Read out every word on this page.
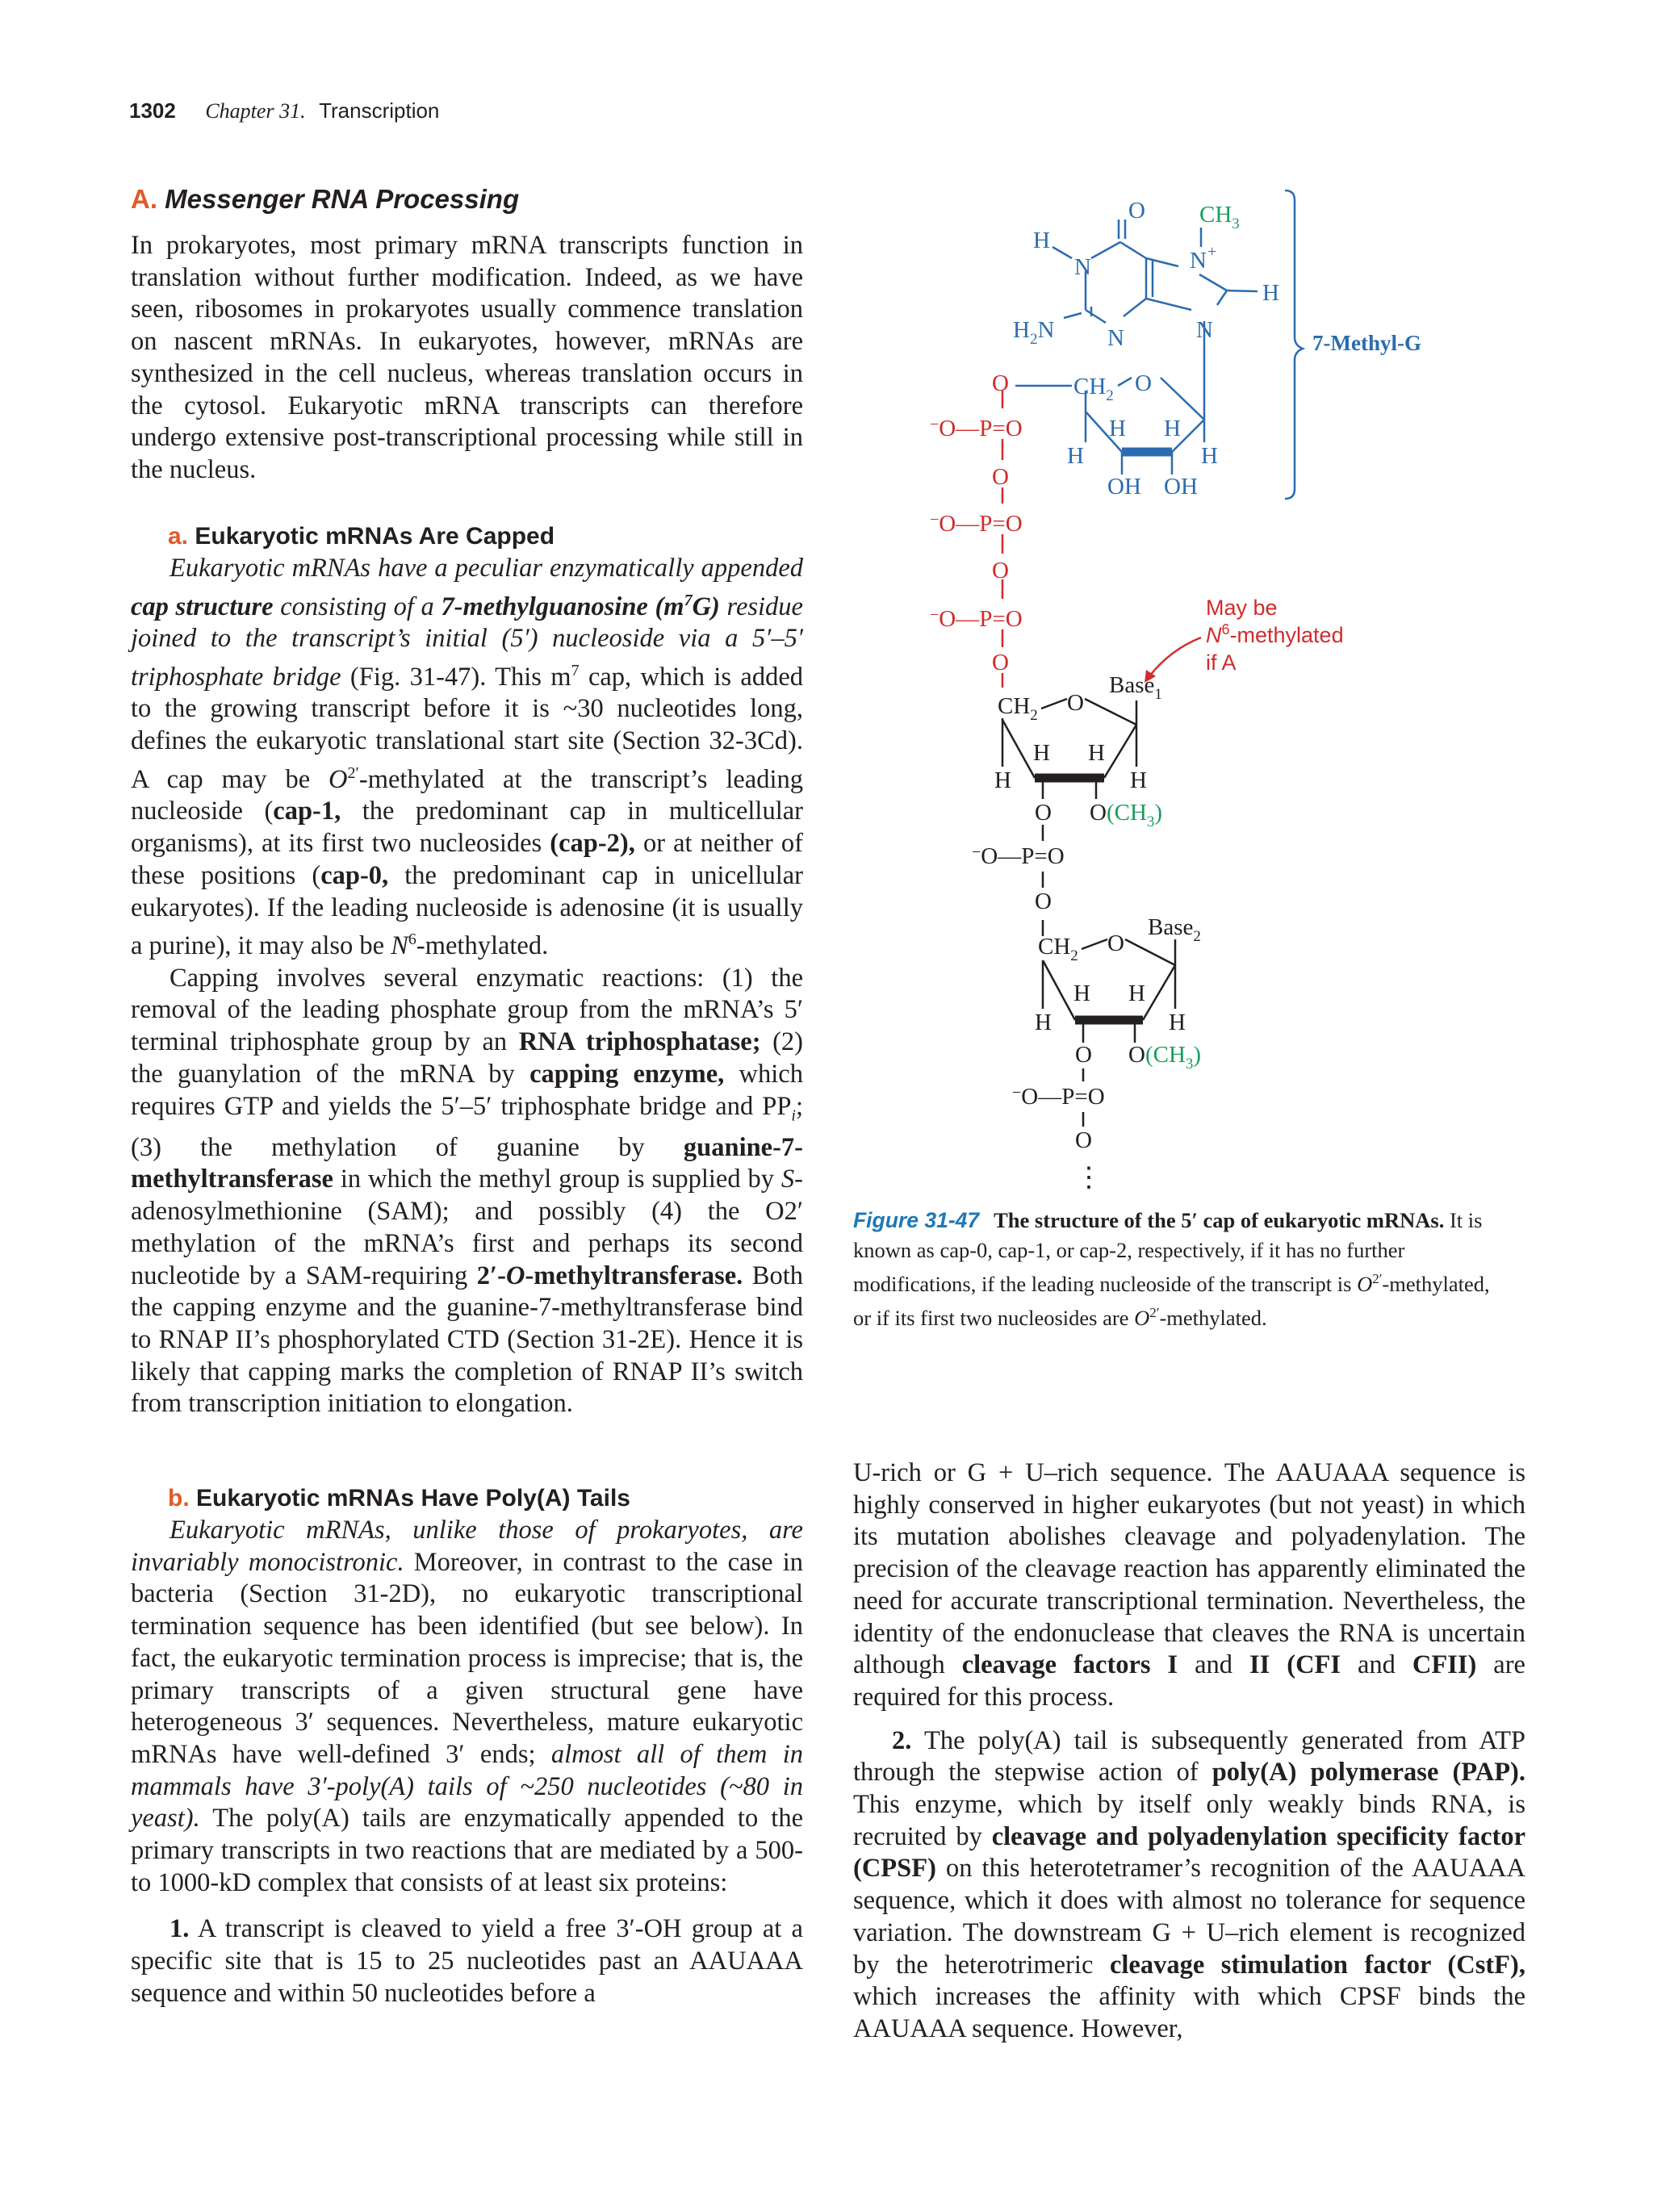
1302 Chapter 31. Transcription
A. Messenger RNA Processing

In prokaryotes, most primary mRNA transcripts function in translation without further modification. Indeed, as we have seen, ribosomes in prokaryotes usually commence translation on nascent mRNAs. In eukaryotes, however, mRNAs are synthesized in the cell nucleus, whereas translation occurs in the cytosol. Eukaryotic mRNA transcripts can therefore undergo extensive post-transcriptional processing while still in the nucleus.

a. Eukaryotic mRNAs Are Capped

Eukaryotic mRNAs have a peculiar enzymatically appended cap structure consisting of a 7-methylguanosine $(m^7G)$ residue joined to the transcript’s initial (5′) nucleoside via a 5′–5′ triphosphate bridge (Fig. 31-47). This $m^7$ cap, which is added to the growing transcript before it is ~30 nucleotides long, defines the eukaryotic translational start site (Section 32-3Cd). A cap may be $O^{2'}$-methylated at the transcript’s leading nucleoside (cap-1, the predominant cap in multicellular organisms), at its first two nucleosides (cap-2), or at neither of these positions (cap-0, the predominant cap in unicellular eukaryotes). If the leading nucleoside is adenosine (it is usually a purine), it may also be $N^6$-methylated.

Capping involves several enzymatic reactions: (1) the removal of the leading phosphate group from the mRNA’s 5′ terminal triphosphate group by an RNA triphosphatase; (2) the guanylation of the mRNA by capping enzyme, which requires GTP and yields the 5′–5′ triphosphate bridge and $PP_i$; (3) the methylation of guanine by guanine-7-methyltransferase in which the methyl group is supplied by S-adenosylmethionine (SAM); and possibly (4) the O2′ methylation of the mRNA’s first and perhaps its second nucleotide by a SAM-requiring 2′-O-methyltransferase. Both the capping enzyme and the guanine-7-methyltransferase bind to RNAP II’s phosphorylated CTD (Section 31-2E). Hence it is likely that capping marks the completion of RNAP II’s switch from transcription initiation to elongation.

b. Eukaryotic mRNAs Have Poly(A) Tails

Eukaryotic mRNAs, unlike those of prokaryotes, are invariably monocistronic. Moreover, in contrast to the case in bacteria (Section 31-2D), no eukaryotic transcriptional termination sequence has been identified (but see below). In fact, the eukaryotic termination process is imprecise; that is, the primary transcripts of a given structural gene have heterogeneous 3′ sequences. Nevertheless, mature eukaryotic mRNAs have well-defined 3′ ends; almost all of them in mammals have 3′-poly(A) tails of ~250 nucleotides (~80 in yeast). The poly(A) tails are enzymatically appended to the primary transcripts in two reactions that are mediated by a 500- to 1000-kD complex that consists of at least six proteins:

1. A transcript is cleaved to yield a free 3′-OH group at a specific site that is 15 to 25 nucleotides past an AAUAAA sequence and within 50 nucleotides before a

U-rich or G + U–rich sequence. The AAUAAA sequence is highly conserved in higher eukaryotes (but not yeast) in which its mutation abolishes cleavage and polyadenylation. The precision of the cleavage reaction has apparently eliminated the need for accurate transcriptional termination. Nevertheless, the identity of the endonuclease that cleaves the RNA is uncertain although cleavage factors I and II (CFI and CFII) are required for this process.

2. The poly(A) tail is subsequently generated from ATP through the stepwise action of poly(A) polymerase (PAP). This enzyme, which by itself only weakly binds RNA, is recruited by cleavage and polyadenylation specificity factor (CPSF) on this heterotetramer’s recognition of the AAUAAA sequence, which it does with almost no tolerance for sequence variation. The downstream G + U–rich element is recognized by the heterotrimeric cleavage stimulation factor (CstF), which increases the affinity with which CPSF binds the AAUAAA sequence. However,

Figure 31-47 The structure of the 5′ cap of eukaryotic mRNAs. It is known as cap-0, cap-1, or cap-2, respectively, if it has no further modifications, if the leading nucleoside of the transcript is $O^{2'}$-methylated, or if its first two nucleosides are $O^{2'}$-methylated.
O
H
N	N +
H
$H_2N$ N	N
$CH_3$
$CH_2$ O
H H
H	H
OH OH
7-Methyl-G
O
−O—P=O
O
−O—P=O
O
−O—P=O
O
May be
$N^6$-methylated
if A
Base$_1$
$CH_2$ O
H H
H	H
O $O(CH_3)$
−O—P=O
O
Base$_2$
$CH_2$ O
H H
H	H
O $O(CH_3)$
−O—P=O
O
⋮
